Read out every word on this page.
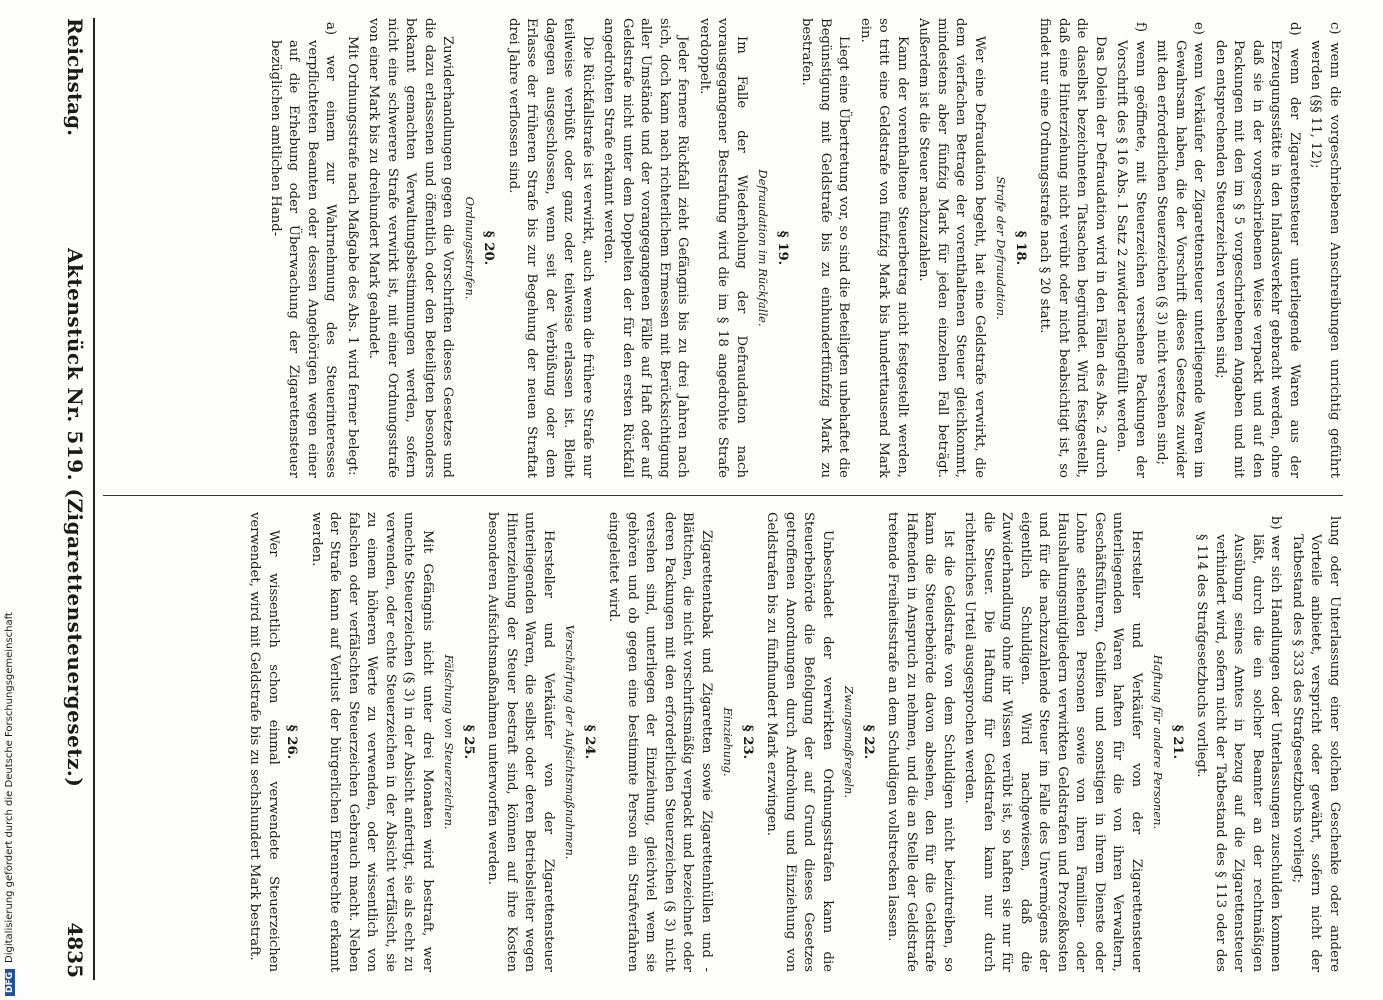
DFGDigitalisierung gefördert durch die Deutsche Forschungsgemeinschaft
Reichstag.
Aktenstück Nr. 519. (Zigarettensteuergesetz.)
4835

c) wenn die vorgeschriebenen Anschreibungen unrichtig geführt werden (§§ 11, 12);

d) wenn der Zigarettensteuer unterliegende Waren aus der Erzeugungsstätte in den Inlandsverkehr gebracht werden, ohne daß sie in der vorgeschriebenen Weise verpackt und auf den Packungen mit den im § 5 vorgeschriebenen Angaben und mit den entsprechenden Steuerzeichen versehen sind;

e) wenn Verkäufer der Zigarettensteuer unterliegende Waren im Gewahrsam haben, die der Vorschrift dieses Gesetzes zuwider mit den erforderlichen Steuerzeichen (§ 3) nicht versehen sind;

f) wenn geöffnete, mit Steuerzeichen versehene Packungen der Vorschrift des § 16 Abs. 1 Satz 2 zuwider nachgefüllt werden.

Das Dolein der Defraudation wird in den Fällen des Abs. 2 durch die daselbst bezeichneten Tatsachen begründet. Wird festgestellt, daß eine Hinterziehung nicht verübt oder nicht beabsichtigt ist, so findet nur eine Ordnungsstrafe nach § 20 statt.

§ 18.

Strafe der Defraudation.

Wer eine Defraudation begeht, hat eine Geldstrafe verwirkt, die dem vierfachen Betrage der vorenthaltenen Steuer gleichkommt, mindestens aber fünfzig Mark für jeden einzelnen Fall beträgt. Außerdem ist die Steuer nachzuzahlen.

Kann der vorenthaltene Steuerbetrag nicht festgestellt werden, so tritt eine Geldstrafe von fünfzig Mark bis hunderttausend Mark ein.

Liegt eine Übertretung vor, so sind die Beteiligten unbehaftet die Begünstigung mit Geldstrafe bis zu einhundertfünfzig Mark zu bestrafen.

§ 19.

Defraudation im Rückfalle.

Im Falle der Wiederholung der Defraudation nach vorausgegangener Bestrafung wird die im § 18 angedrohte Strafe verdoppelt.

Jeder fernere Rückfall zieht Gefängnis bis zu drei Jahren nach sich, doch kann nach richterlichem Ermessen mit Berücksichtigung aller Umstände und der vorangegangenen Fälle auf Haft oder auf Geldstrafe nicht unter dem Doppelten der für den ersten Rückfall angedrohten Strafe erkannt werden.

Die Rückfallstrafe ist verwirkt, auch wenn die frühere Strafe nur teilweise verbüßt oder ganz oder teilweise erlassen ist. Bleibt dagegen ausgeschlossen, wenn seit der Verbüßung oder dem Erlasse der früheren Strafe bis zur Begehung der neuen Straftat drei Jahre verflossen sind.

§ 20.

Ordnungsstrafen.

Zuwiderhandlungen gegen die Vorschriften dieses Gesetzes und die dazu erlassenen und öffentlich oder den Beteiligten besonders bekannt gemachten Verwaltungsbestimmungen werden, sofern nicht eine schwerere Strafe verwirkt ist, mit einer Ordnungsstrafe von einer Mark bis zu dreihundert Mark geahndet.

Mit Ordnungsstrafe nach Maßgabe des Abs. 1 wird ferner belegt:

a) wer einem zur Wahrnehmung des Steuerinteresses verpflichteten Beamten oder dessen Angehörigen wegen einer auf die Erhebung oder Überwachung der Zigarettensteuer bezüglichen amtlichen Hand-

lung oder Unterlassung einer solchen Geschenke oder andere Vorteile anbietet, verspricht oder gewährt, sofern nicht der Tatbestand des § 333 des Strafgesetzbuchs vorliegt;

b) wer sich Handlungen oder Unterlassungen zuschulden kommen läßt, durch die ein solcher Beamter an der rechtmäßigen Ausübung seines Amtes in bezug auf die Zigarettensteuer verhindert wird, sofern nicht der Tatbestand des § 113 oder des § 114 des Strafgesetzbuchs vorliegt.

§ 21.

Haftung für andere Personen.

Hersteller und Verkäufer von der Zigarettensteuer unterliegenden Waren haften für die von ihren Verwaltern, Geschäftsführern, Gehilfen und sonstigen in ihrem Dienste oder Lohne stehenden Personen sowie von ihren Familien- oder Haushaltungsmitgliedern verwirkten Geldstrafen und Prozeßkosten und für die nachzuzahlende Steuer im Falle des Unvermögens der eigentlich Schuldigen. Wird nachgewiesen, daß die Zuwiderhandlung ohne ihr Wissen verübt ist, so haften sie nur für die Steuer. Die Haftung für Geldstrafen kann nur durch richterliches Urteil ausgesprochen werden.

Ist die Geldstrafe von dem Schuldigen nicht beizutreiben, so kann die Steuerbehörde davon absehen, den für die Geldstrafe Haftenden in Anspruch zu nehmen, und die an Stelle der Geldstrafe tretende Freiheitsstrafe an dem Schuldigen vollstrecken lassen.

§ 22.

Zwangsmaßregeln.

Unbeschadet der verwirkten Ordnungsstrafen kann die Steuerbehörde die Befolgung der auf Grund dieses Gesetzes getroffenen Anordnungen durch Androhung und Einziehung von Geldstrafen bis zu fünfhundert Mark erzwingen.

§ 23.

Einziehung.

Zigarettentabak und Zigaretten sowie Zigarettenhüllen und -Blättchen, die nicht vorschriftsmäßig verpackt und bezeichnet oder deren Packungen mit den erforderlichen Steuerzeichen (§ 3) nicht versehen sind, unterliegen der Einziehung, gleichviel wem sie gehören und ob gegen eine bestimmte Person ein Strafverfahren eingeleitet wird.

§ 24.

Verschärfung der Aufsichtsmaßnahmen.

Hersteller und Verkäufer von der Zigarettensteuer unterliegenden Waren, die selbst oder deren Betriebsleiter wegen Hinterziehung der Steuer bestraft sind, können auf ihre Kosten besonderen Aufsichtsmaßnahmen unterworfen werden.

§ 25.

Fälschung von Steuerzeichen.

Mit Gefängnis nicht unter drei Monaten wird bestraft, wer unechte Steuerzeichen (§ 3) in der Absicht anfertigt, sie als echt zu verwenden, oder echte Steuerzeichen in der Absicht verfälscht, sie zu einem höheren Werte zu verwenden, oder wissentlich von falschen oder verfälschten Steuerzeichen Gebrauch macht. Neben der Strafe kann auf Verlust der bürgerlichen Ehrenrechte erkannt werden.

§ 26.

Wer wissentlich schon einmal verwendete Steuerzeichen verwendet, wird mit Geldstrafe bis zu sechshundert Mark bestraft.
